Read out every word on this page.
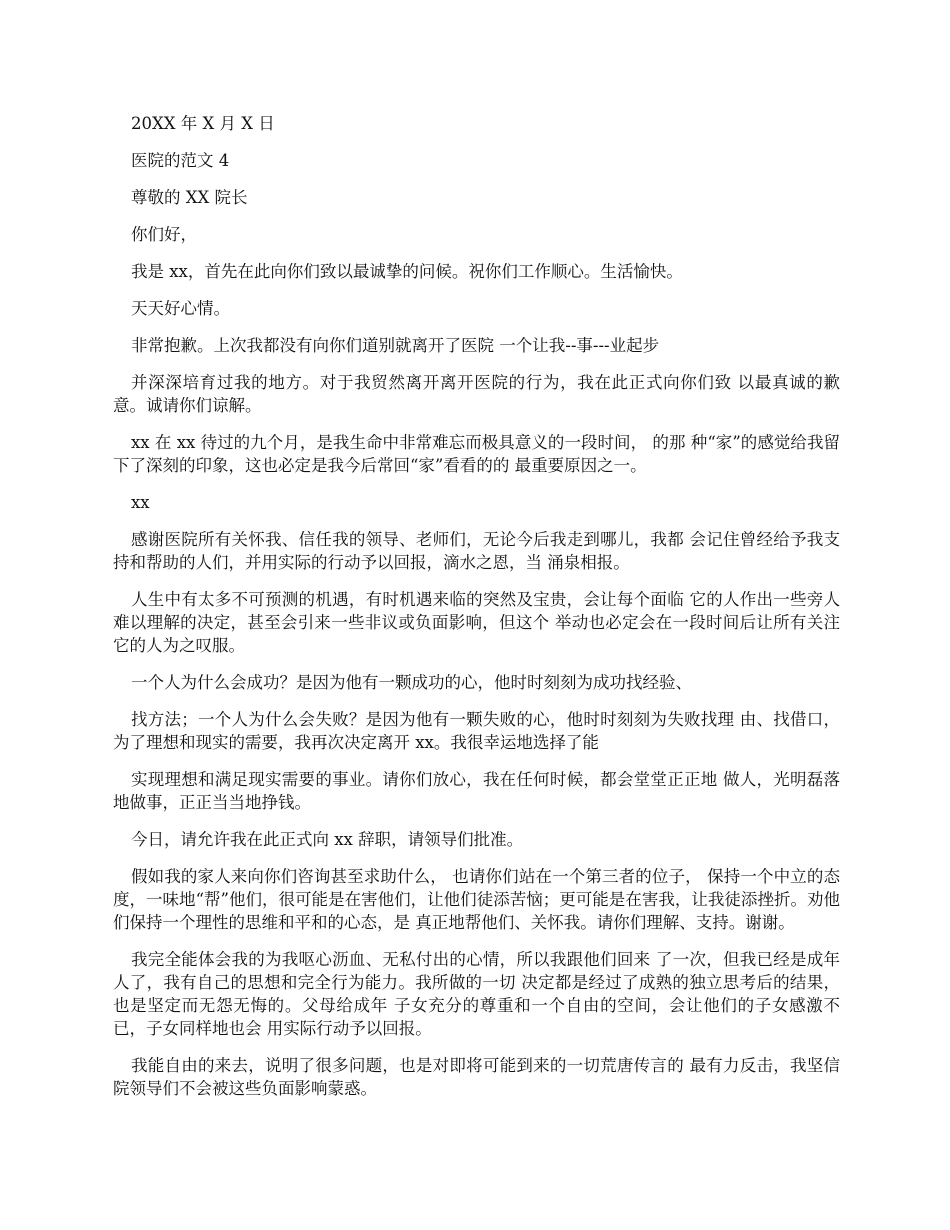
20XX 年 X 月 X 日

医院的范文 4

尊敬的 XX 院长

你们好，

我是 xx，首先在此向你们致以最诚挚的问候。祝你们工作顺心。生活愉快。

天天好心情。

非常抱歉。上次我都没有向你们道别就离开了医院 一个让我--事---业起步

并深深培育过我的地方。对于我贸然离开离开医院的行为，我在此正式向你们致 以最真诚的歉意。诚请你们谅解。

xx 在 xx 待过的九个月，是我生命中非常难忘而极具意义的一段时间， 的那 种“家”的感觉给我留下了深刻的印象，这也必定是我今后常回“家”看看的的 最重要原因之一。

xx

感谢医院所有关怀我、信任我的领导、老师们，无论今后我走到哪儿，我都 会记住曾经给予我支持和帮助的人们，并用实际的行动予以回报，滴水之恩，当 涌泉相报。

人生中有太多不可预测的机遇，有时机遇来临的突然及宝贵，会让每个面临 它的人作出一些旁人难以理解的决定，甚至会引来一些非议或负面影响，但这个 举动也必定会在一段时间后让所有关注它的人为之叹服。

一个人为什么会成功？是因为他有一颗成功的心，他时时刻刻为成功找经验、

找方法；一个人为什么会失败？是因为他有一颗失败的心，他时时刻刻为失败找理 由、找借口，为了理想和现实的需要，我再次决定离开 xx。我很幸运地选择了能

实现理想和满足现实需要的事业。请你们放心，我在任何时候，都会堂堂正正地 做人，光明磊落地做事，正正当当地挣钱。

今日，请允许我在此正式向 xx 辞职，请领导们批准。

假如我的家人来向你们咨询甚至求助什么， 也请你们站在一个第三者的位子， 保持一个中立的态度，一味地“帮”他们，很可能是在害他们，让他们徒添苦恼；更可能是在害我，让我徒添挫折。劝他们保持一个理性的思维和平和的心态，是 真正地帮他们、关怀我。请你们理解、支持。谢谢。

我完全能体会我的为我呕心沥血、无私付出的心情，所以我跟他们回来 了一次，但我已经是成年人了，我有自己的思想和完全行为能力。我所做的一切 决定都是经过了成熟的独立思考后的结果，也是坚定而无怨无悔的。父母给成年 子女充分的尊重和一个自由的空间，会让他们的子女感激不已，子女同样地也会 用实际行动予以回报。

我能自由的来去，说明了很多问题，也是对即将可能到来的一切荒唐传言的 最有力反击，我坚信院领导们不会被这些负面影响蒙惑。
